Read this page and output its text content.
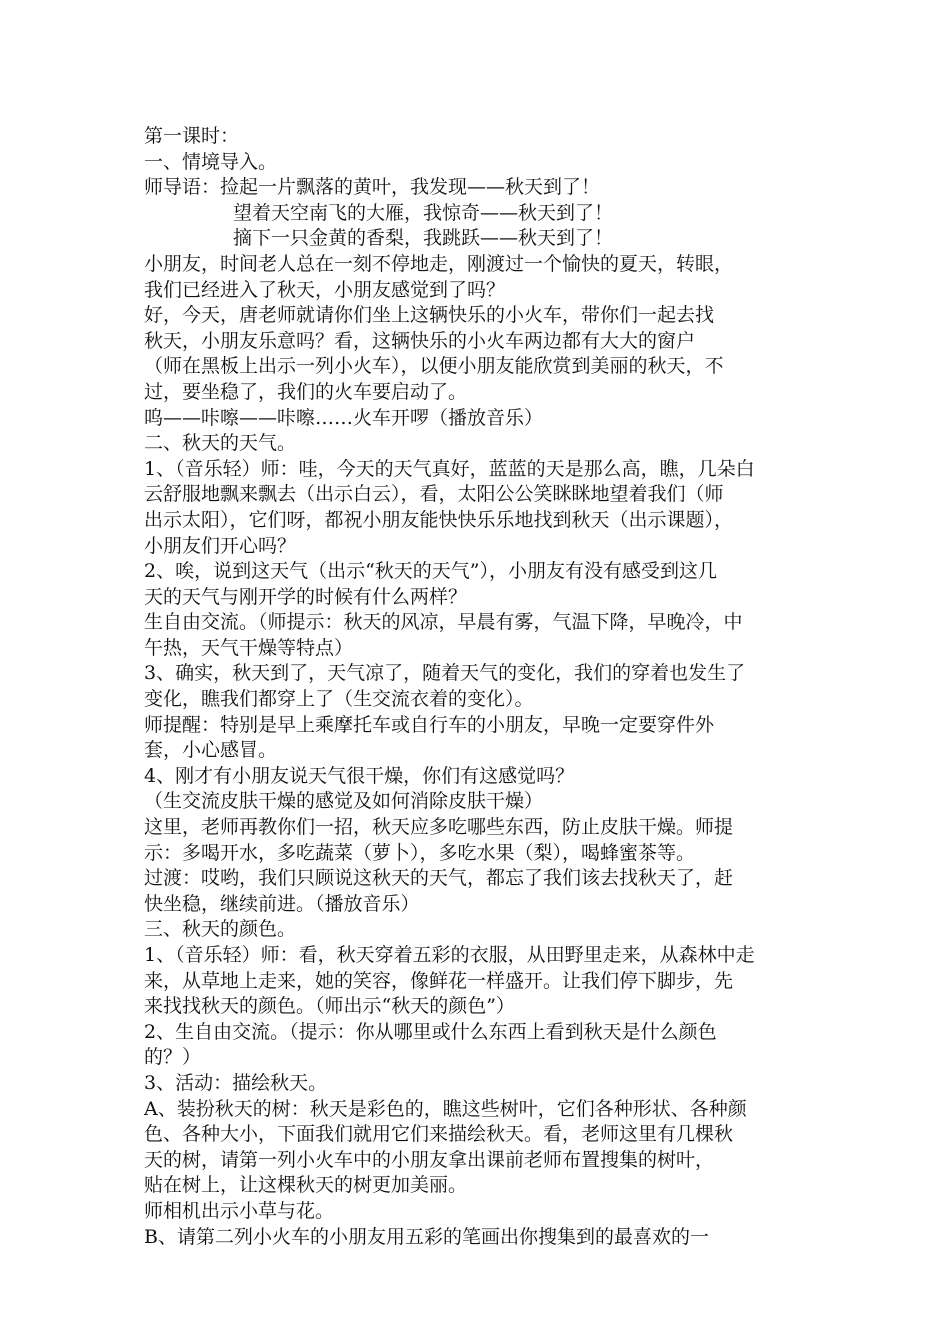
第一课时：
一、情境导入。
师导语：捡起一片飘落的黄叶，我发现——秋天到了！
望着天空南飞的大雁，我惊奇——秋天到了！
摘下一只金黄的香梨，我跳跃——秋天到了！
小朋友，时间老人总在一刻不停地走，刚渡过一个愉快的夏天，转眼，
我们已经进入了秋天，小朋友感觉到了吗？
好，今天，唐老师就请你们坐上这辆快乐的小火车，带你们一起去找
秋天，小朋友乐意吗？看，这辆快乐的小火车两边都有大大的窗户
（师在黑板上出示一列小火车），以便小朋友能欣赏到美丽的秋天，不
过，要坐稳了，我们的火车要启动了。
呜——咔嚓——咔嚓……火车开啰（播放音乐）
二、秋天的天气。
1、（音乐轻）师：哇，今天的天气真好，蓝蓝的天是那么高，瞧，几朵白
云舒服地飘来飘去（出示白云），看，太阳公公笑眯眯地望着我们（师
出示太阳），它们呀，都祝小朋友能快快乐乐地找到秋天（出示课题），
小朋友们开心吗？
2、唉，说到这天气（出示“秋天的天气”），小朋友有没有感受到这几
天的天气与刚开学的时候有什么两样？
生自由交流。（师提示：秋天的风凉，早晨有雾，气温下降，早晚冷，中
午热，天气干燥等特点）
3、确实，秋天到了，天气凉了，随着天气的变化，我们的穿着也发生了
变化，瞧我们都穿上了（生交流衣着的变化）。
师提醒：特别是早上乘摩托车或自行车的小朋友，早晚一定要穿件外
套，小心感冒。
4、刚才有小朋友说天气很干燥，你们有这感觉吗？
（生交流皮肤干燥的感觉及如何消除皮肤干燥）
这里，老师再教你们一招，秋天应多吃哪些东西，防止皮肤干燥。师提
示：多喝开水，多吃蔬菜（萝卜），多吃水果（梨），喝蜂蜜茶等。
过渡：哎哟，我们只顾说这秋天的天气，都忘了我们该去找秋天了，赶
快坐稳，继续前进。（播放音乐）
三、秋天的颜色。
1、（音乐轻）师：看，秋天穿着五彩的衣服，从田野里走来，从森林中走
来，从草地上走来，她的笑容，像鲜花一样盛开。让我们停下脚步，先
来找找秋天的颜色。（师出示“秋天的颜色”）
2、生自由交流。（提示：你从哪里或什么东西上看到秋天是什么颜色
的？）
3、活动：描绘秋天。
A、装扮秋天的树：秋天是彩色的，瞧这些树叶，它们各种形状、各种颜
色、各种大小，下面我们就用它们来描绘秋天。看，老师这里有几棵秋
天的树，请第一列小火车中的小朋友拿出课前老师布置搜集的树叶，
贴在树上，让这棵秋天的树更加美丽。
师相机出示小草与花。
B、请第二列小火车的小朋友用五彩的笔画出你搜集到的最喜欢的一
